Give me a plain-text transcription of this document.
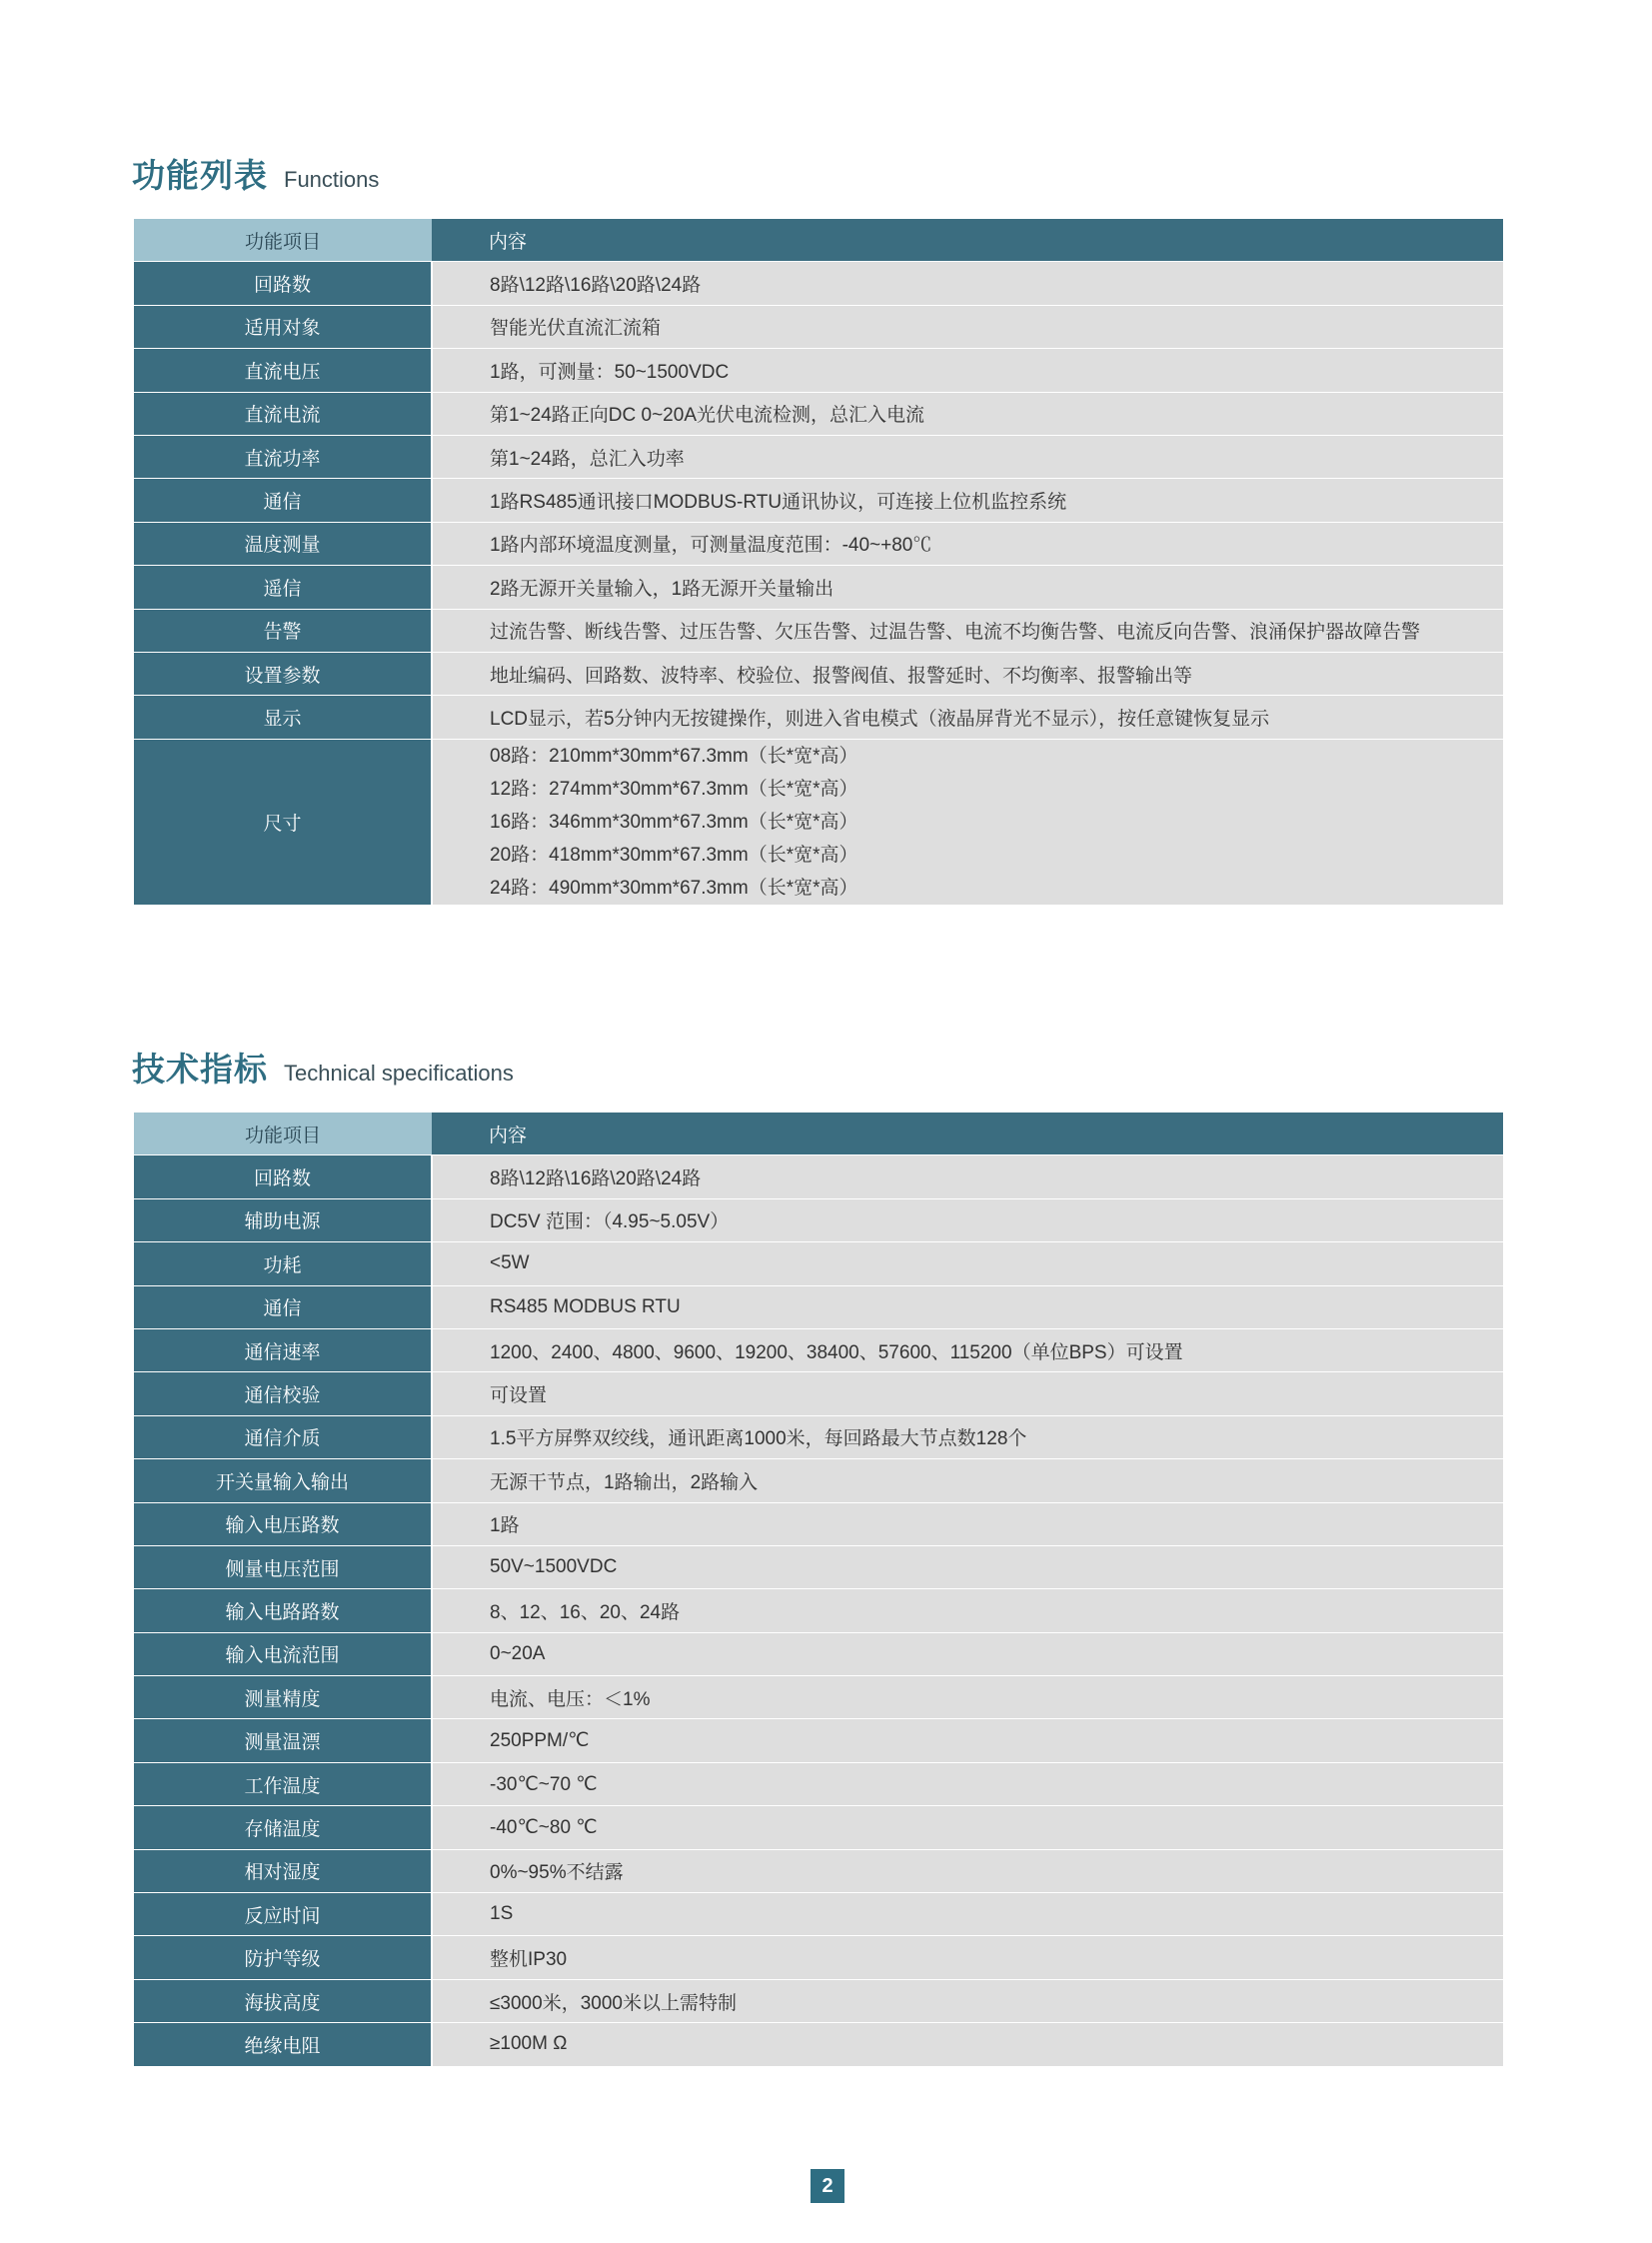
功能列表 Functions
功能项目	内容
回路数	8路\12路\16路\20路\24路
适用对象	智能光伏直流汇流箱
直流电压	1路，可测量：50~1500VDC
直流电流	第1~24路正向DC 0~20A光伏电流检测，总汇入电流
直流功率	第1~24路，总汇入功率
通信	1路RS485通讯接口MODBUS-RTU通讯协议，可连接上位机监控系统
温度测量	1路内部环境温度测量，可测量温度范围：-40~+80℃
遥信	2路无源开关量输入，1路无源开关量输出
告警	过流告警、断线告警、过压告警、欠压告警、过温告警、电流不均衡告警、电流反向告警、浪涌保护器故障告警
设置参数	地址编码、回路数、波特率、校验位、报警阀值、报警延时、不均衡率、报警输出等
显示	LCD显示，若5分钟内无按键操作，则进入省电模式（液晶屏背光不显示），按任意键恢复显示
尺寸	08路：210mm*30mm*67.3mm（长*宽*高）
12路：274mm*30mm*67.3mm（长*宽*高）
16路：346mm*30mm*67.3mm（长*宽*高）
20路：418mm*30mm*67.3mm（长*宽*高）
24路：490mm*30mm*67.3mm（长*宽*高）
技术指标 Technical specifications
功能项目	内容
回路数	8路\12路\16路\20路\24路
辅助电源	DC5V 范围：（4.95~5.05V）
功耗	<5W
通信	RS485 MODBUS RTU
通信速率	1200、2400、4800、9600、19200、38400、57600、115200（单位BPS）可设置
通信校验	可设置
通信介质	1.5平方屏弊双绞线，通讯距离1000米，每回路最大节点数128个
开关量输入输出	无源干节点，1路输出，2路输入
输入电压路数	1路
侧量电压范围	50V~1500VDC
输入电路路数	8、12、16、20、24路
输入电流范围	0~20A
测量精度	电流、电压：＜1%
测量温漂	250PPM/℃
工作温度	-30℃~70 ℃
存储温度	-40℃~80 ℃
相对湿度	0%~95%不结露
反应时间	1S
防护等级	整机IP30
海拔高度	≤3000米，3000米以上需特制
绝缘电阻	≥100M Ω
2
